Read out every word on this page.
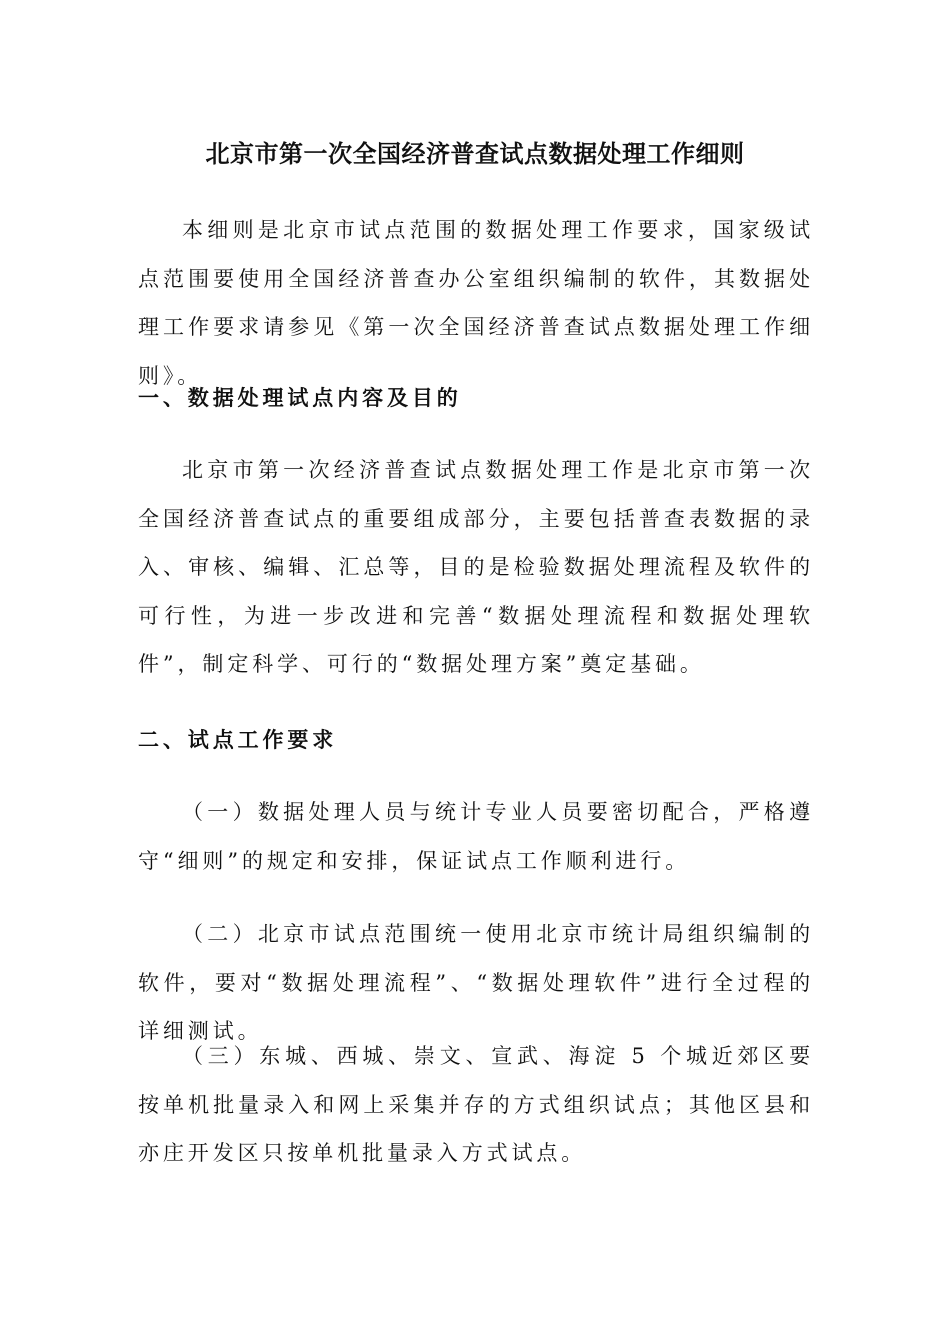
北京市第一次全国经济普查试点数据处理工作细则

本细则是北京市试点范围的数据处理工作要求，国家级试点范围要使用全国经济普查办公室组织编制的软件，其数据处理工作要求请参见《第一次全国经济普查试点数据处理工作细则》。

一、数据处理试点内容及目的

北京市第一次经济普查试点数据处理工作是北京市第一次全国经济普查试点的重要组成部分，主要包括普查表数据的录入、审核、编辑、汇总等，目的是检验数据处理流程及软件的可行性，为进一步改进和完善“数据处理流程和数据处理软件”，制定科学、可行的“数据处理方案”奠定基础。

二、试点工作要求

（一）数据处理人员与统计专业人员要密切配合，严格遵守“细则”的规定和安排，保证试点工作顺利进行。

（二）北京市试点范围统一使用北京市统计局组织编制的软件，要对“数据处理流程”、“数据处理软件”进行全过程的详细测试。

（三）东城、西城、崇文、宣武、海淀 5 个城近郊区要按单机批量录入和网上采集并存的方式组织试点；其他区县和亦庄开发区只按单机批量录入方式试点。
